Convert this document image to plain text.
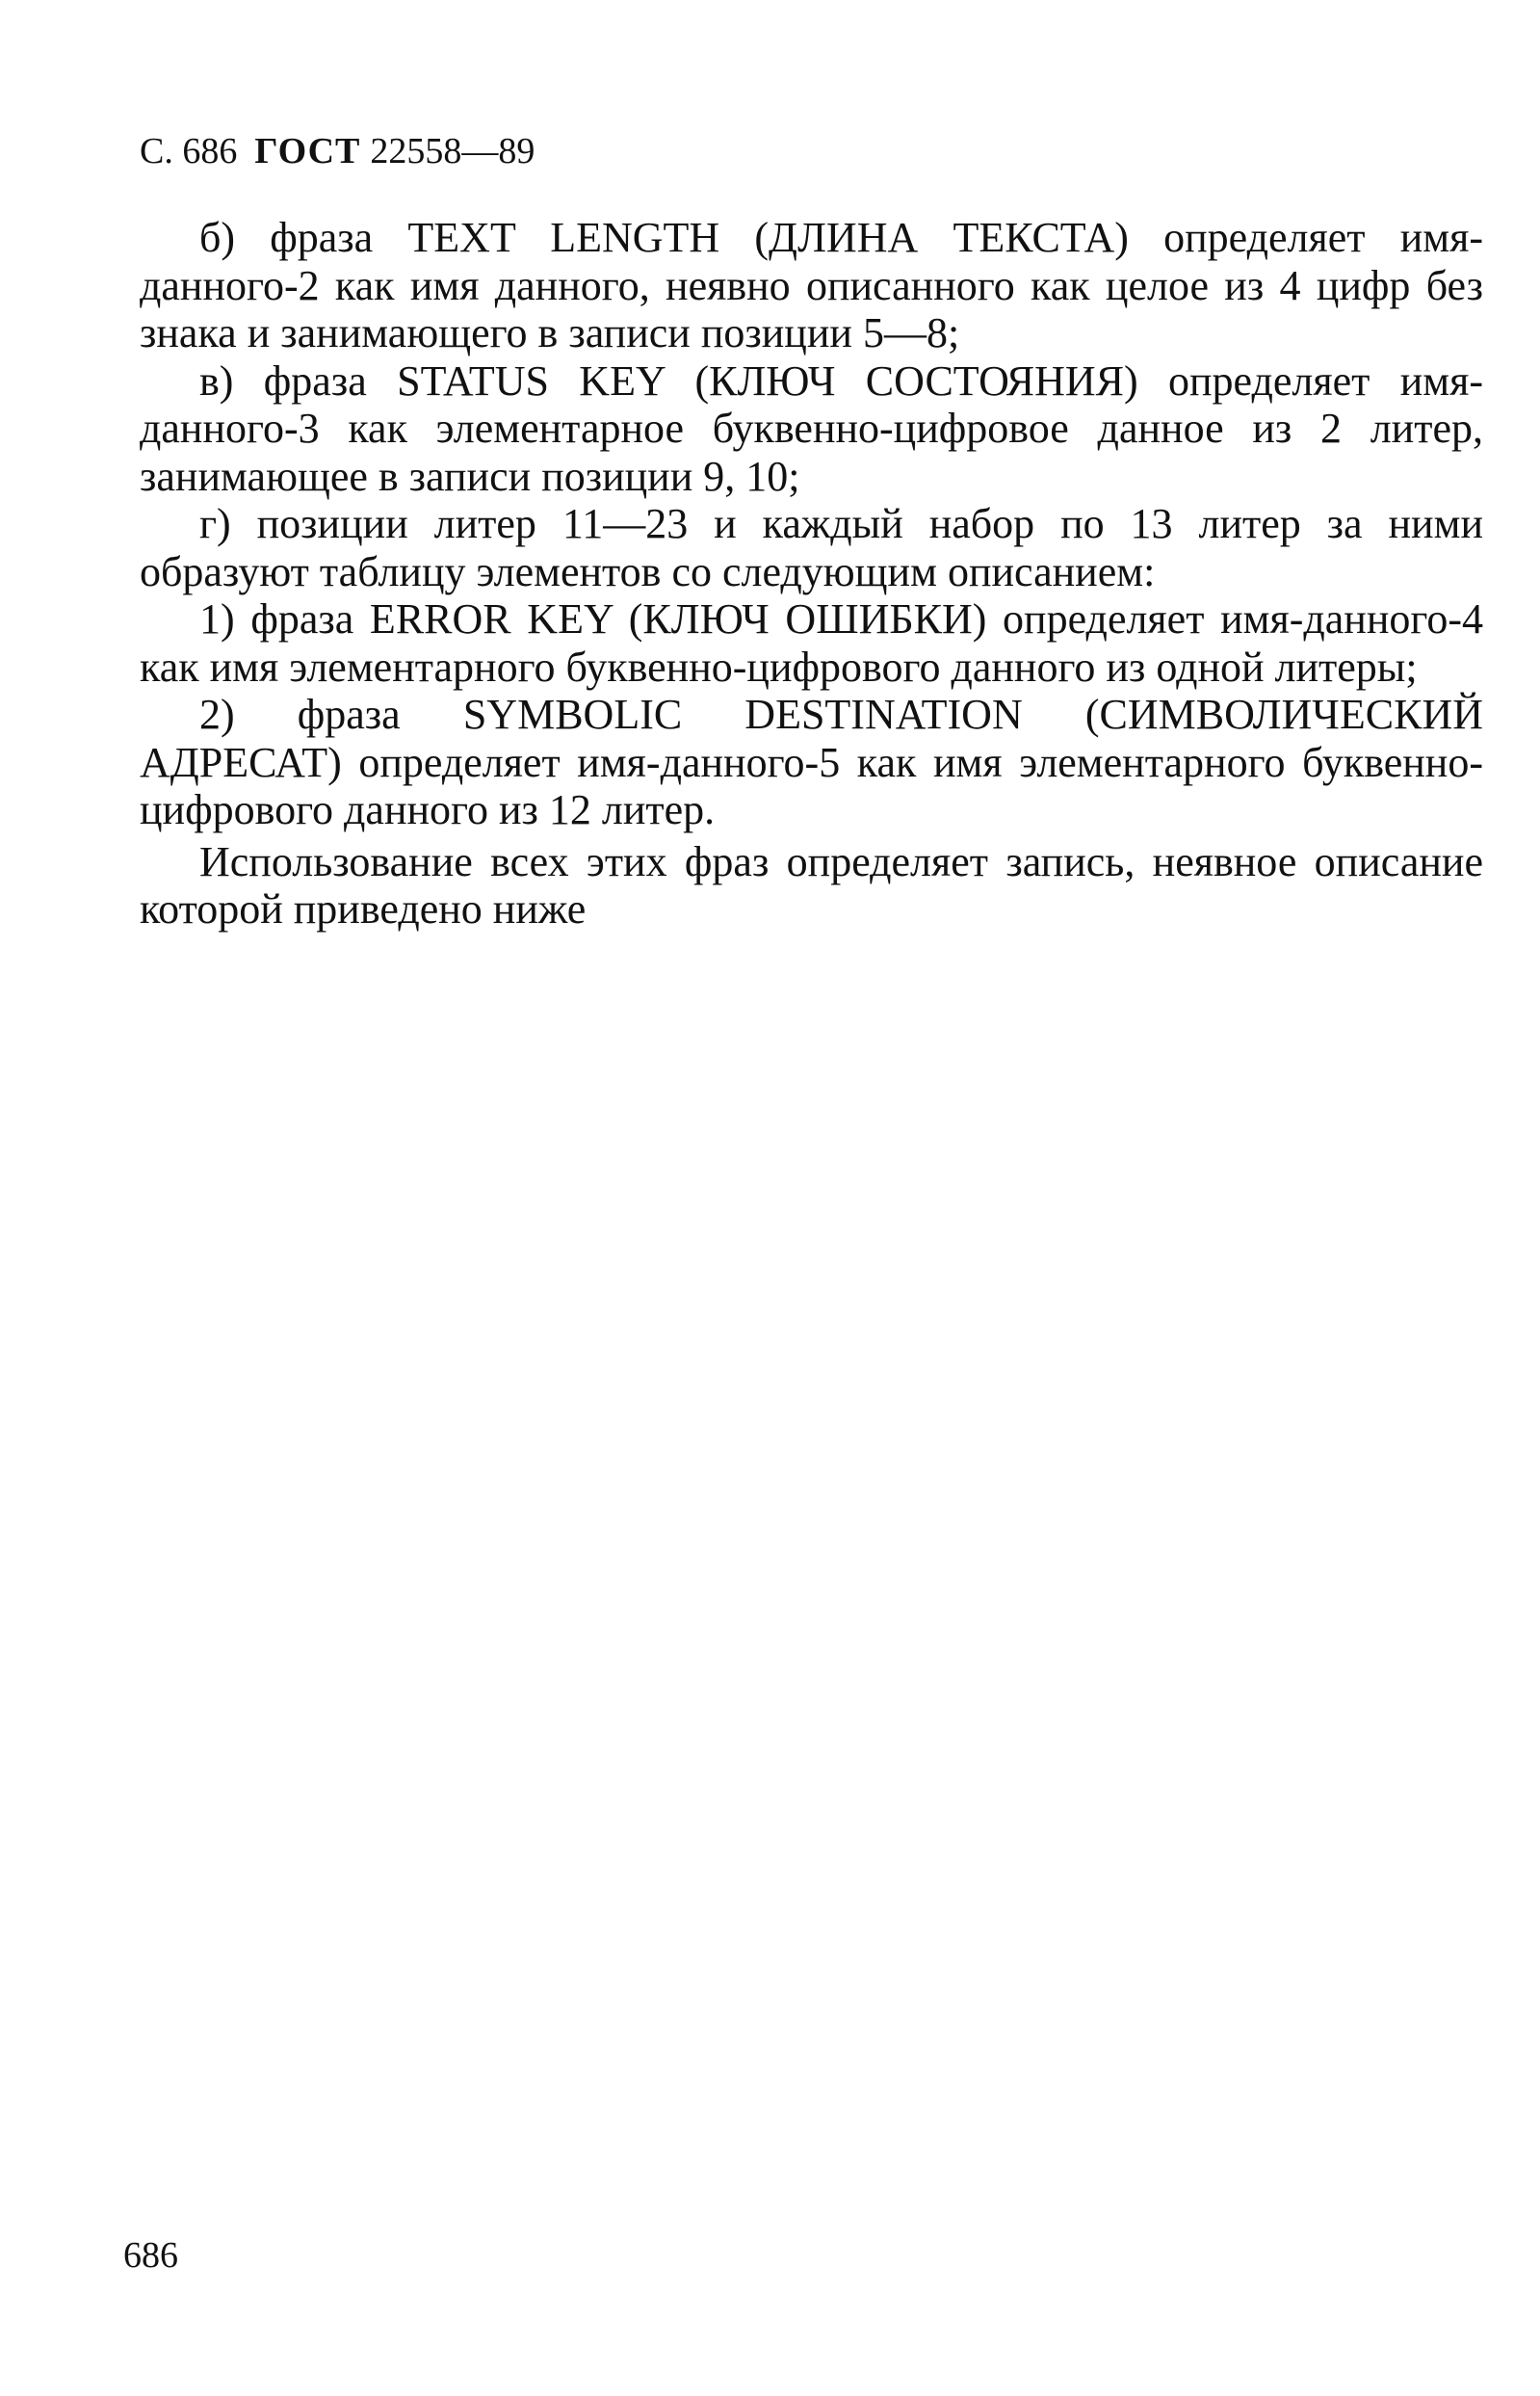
С. 686 ГОСТ 22558—89

б) фраза TEXT LENGTH (ДЛИНА ТЕКСТА) определяет имя-данного-2 как имя данного, неявно описанного как целое из 4 цифр без знака и занимающего в записи позиции 5—8;

в) фраза STATUS KEY (КЛЮЧ СОСТОЯНИЯ) определяет имя-данного-3 как элементарное буквенно-цифровое данное из 2 литер, занимающее в записи позиции 9, 10;

г) позиции литер 11—23 и каждый набор по 13 литер за ними образуют таблицу элементов со следующим описанием:

1) фраза ERROR KEY (КЛЮЧ ОШИБКИ) определяет имя-данного-4 как имя элементарного буквенно-цифрового данного из одной литеры;

2) фраза SYMBOLIC DESTINATION (СИМВОЛИЧЕСКИЙ АДРЕСАТ) определяет имя-данного-5 как имя элементарного буквенно-цифрового данного из 12 литер.

Использование всех этих фраз определяет запись, неявное описание которой приведено ниже

686
